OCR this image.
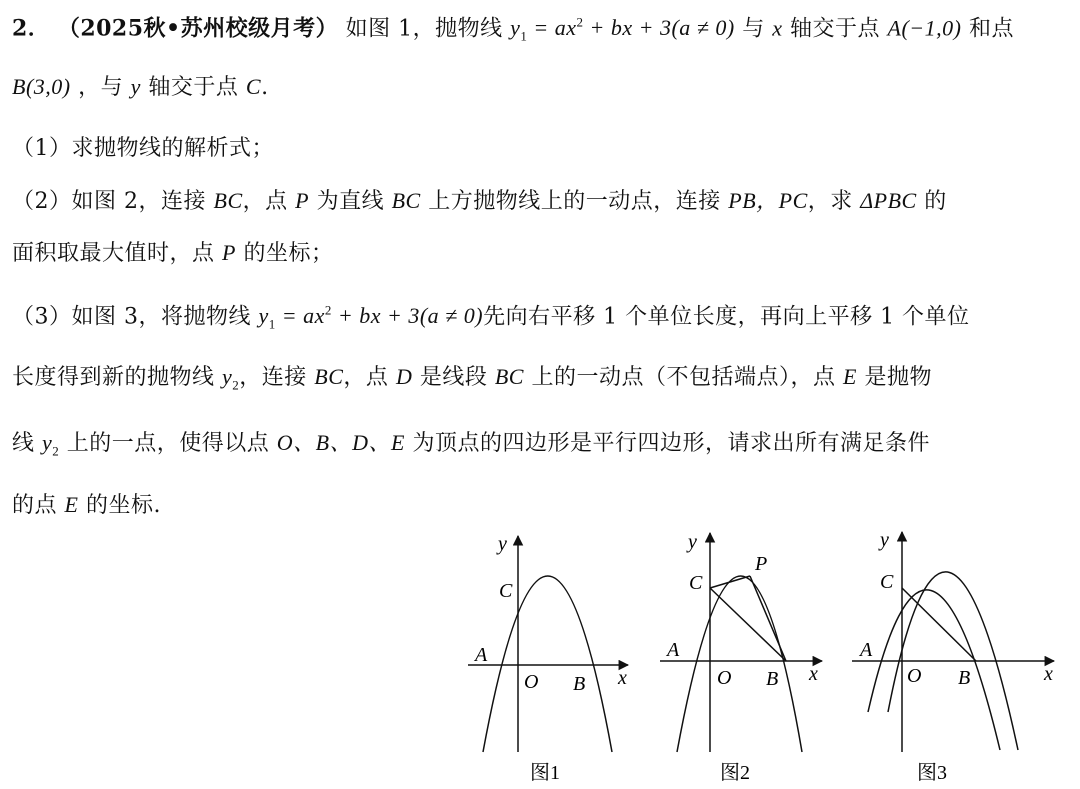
2． （2025秋•苏州校级月考） 如图 1，抛物线 $y_1 = ax^2$ + bx + 3(a ≠ 0) 与 x 轴交于点 A(−1,0) 和点
B(3,0) ，与 y 轴交于点 C.
（1）求抛物线的解析式；
（2）如图 2，连接 BC，点 P 为直线 BC 上方抛物线上的一动点，连接 PB，PC，求 ΔPBC 的
面积取最大值时，点 P 的坐标；
（3）如图 3，将抛物线 $y_1 = ax^2$ + bx + 3(a ≠ 0)先向右平移 1 个单位长度，再向上平移 1 个单位
长度得到新的抛物线 $y_2$，连接 BC，点 D 是线段 BC 上的一动点（不包括端点），点 E 是抛物
线 $y_2$ 上的一点，使得以点 O、B、D、E 为顶点的四边形是平行四边形，请求出所有满足条件
的点 E 的坐标.
y
C
A
O B x
图1
y
C
P
A
O B x
图2
y
C
A
O B	x
图3
